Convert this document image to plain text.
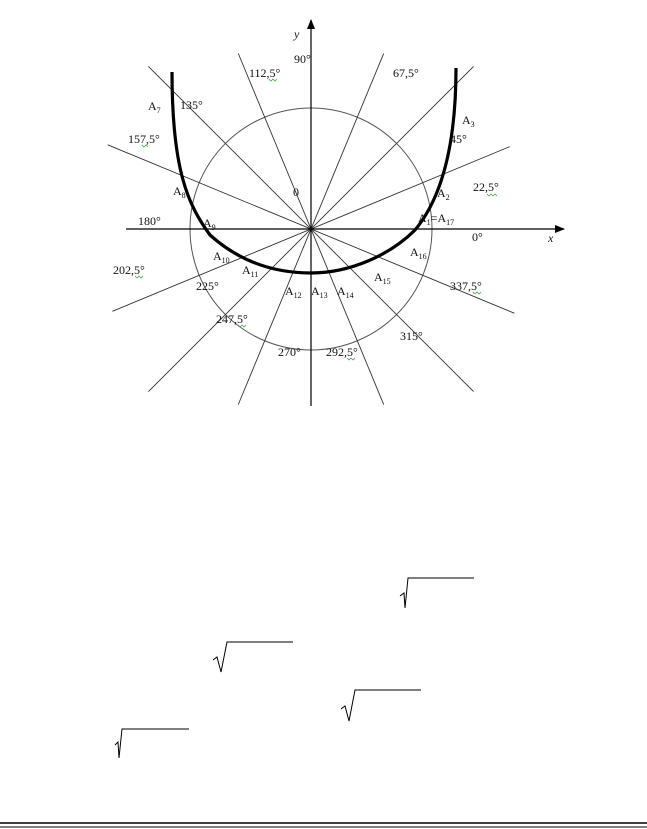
x
y
0
0°
22,5°
45°
67,5°
90°
112,5°
135°
157,5°
180°
202,5°
225°
247,5°
270° 292,5°
315°
337,5°
$A_1=A_{17}$
$A_2$
$A_3$
$A_7$
$A_8$
$A_9$
$A_{10}$
$A_{11}$
$A_{12}$ $A_{13}$ $A_{14}$
$A_{15}$
$A_{16}$
